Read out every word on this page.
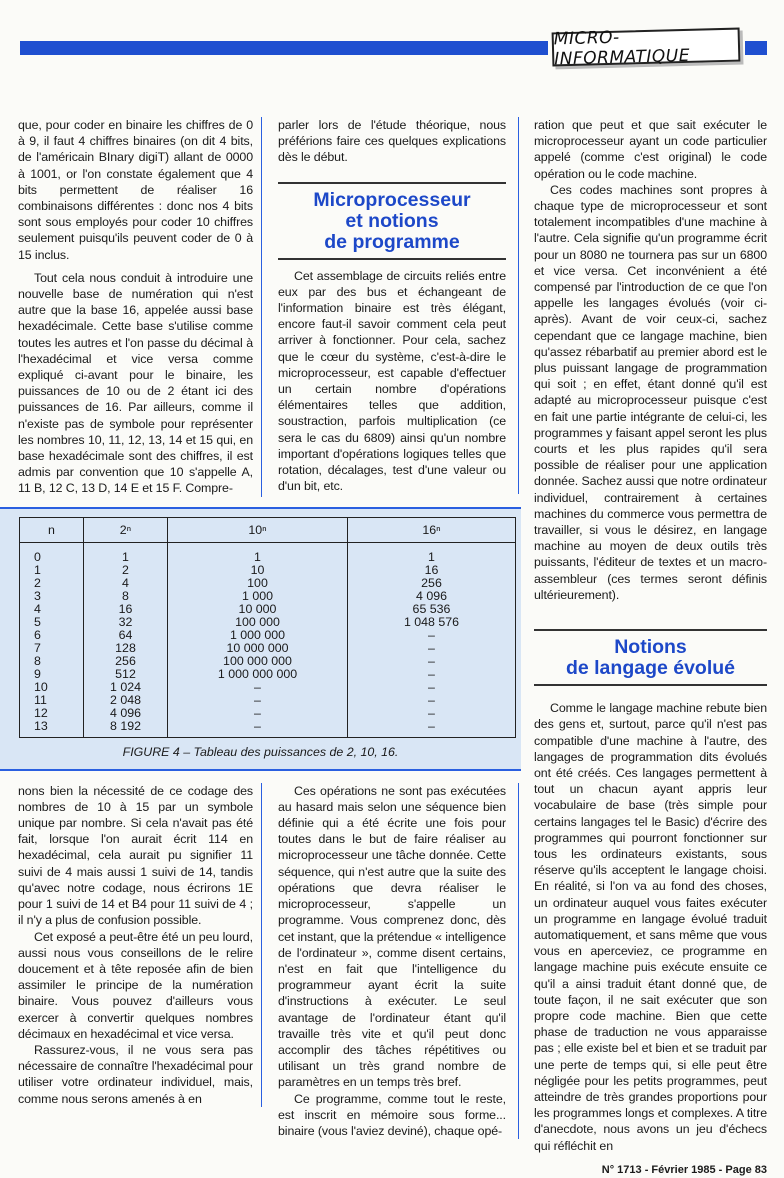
MICRO-INFORMATIQUE

que, pour coder en binaire les chiffres de 0 à 9, il faut 4 chiffres binaires (on dit 4 bits, de l'américain BInary digiT) allant de 0000 à 1001, or l'on constate également que 4 bits permettent de réaliser 16 combinaisons différentes : donc nos 4 bits sont sous employés pour coder 10 chiffres seulement puisqu'ils peuvent coder de 0 à 15 inclus.

Tout cela nous conduit à introduire une nouvelle base de numération qui n'est autre que la base 16, appelée aussi base hexadécimale. Cette base s'utilise comme toutes les autres et l'on passe du décimal à l'hexadécimal et vice versa comme expliqué ci-avant pour le binaire, les puissances de 10 ou de 2 étant ici des puissances de 16. Par ailleurs, comme il n'existe pas de symbole pour représenter les nombres 10, 11, 12, 13, 14 et 15 qui, en base hexadécimale sont des chiffres, il est admis par convention que 10 s'appelle A, 11 B, 12 C, 13 D, 14 E et 15 F. Compre-

parler lors de l'étude théorique, nous préférions faire ces quelques explications dès le début.

Microprocesseur
et notions
de programme

Cet assemblage de circuits reliés entre eux par des bus et échangeant de l'information binaire est très élégant, encore faut-il savoir comment cela peut arriver à fonctionner. Pour cela, sachez que le cœur du système, c'est-à-dire le microprocesseur, est capable d'effectuer un certain nombre d'opérations élémentaires telles que addition, soustraction, parfois multiplication (ce sera le cas du 6809) ainsi qu'un nombre important d'opérations logiques telles que rotation, décalages, test d'une valeur ou d'un bit, etc.

n	2ⁿ	10ⁿ	16ⁿ
0	1	1	1
1	2	10	16
2	4	100	256
3	8	1 000	4 096
4	16	10 000	65 536
5	32	100 000	1 048 576
6	64	1 000 000	–
7	128	10 000 000	–
8	256	100 000 000	–
9	512	1 000 000 000	–
10	1 024	–	–
11	2 048	–	–
12	4 096	–	–
13	8 192	–	–
FIGURE 4 – Tableau des puissances de 2, 10, 16.

nons bien la nécessité de ce codage des nombres de 10 à 15 par un symbole unique par nombre. Si cela n'avait pas été fait, lorsque l'on aurait écrit 114 en hexadécimal, cela aurait pu signifier 11 suivi de 4 mais aussi 1 suivi de 14, tandis qu'avec notre codage, nous écrirons 1E pour 1 suivi de 14 et B4 pour 11 suivi de 4 ; il n'y a plus de confusion possible.

Cet exposé a peut-être été un peu lourd, aussi nous vous conseillons de le relire doucement et à tête reposée afin de bien assimiler le principe de la numération binaire. Vous pouvez d'ailleurs vous exercer à convertir quelques nombres décimaux en hexadécimal et vice versa.

Rassurez-vous, il ne vous sera pas nécessaire de connaître l'hexadécimal pour utiliser votre ordinateur individuel, mais, comme nous serons amenés à en

Ces opérations ne sont pas exécutées au hasard mais selon une séquence bien définie qui a été écrite une fois pour toutes dans le but de faire réaliser au microprocesseur une tâche donnée. Cette séquence, qui n'est autre que la suite des opérations que devra réaliser le microprocesseur, s'appelle un programme. Vous comprenez donc, dès cet instant, que la prétendue « intelligence de l'ordinateur », comme disent certains, n'est en fait que l'intelligence du programmeur ayant écrit la suite d'instructions à exécuter. Le seul avantage de l'ordinateur étant qu'il travaille très vite et qu'il peut donc accomplir des tâches répétitives ou utilisant un très grand nombre de paramètres en un temps très bref.

Ce programme, comme tout le reste, est inscrit en mémoire sous forme... binaire (vous l'aviez deviné), chaque opé-

ration que peut et que sait exécuter le microprocesseur ayant un code particulier appelé (comme c'est original) le code opération ou le code machine.

Ces codes machines sont propres à chaque type de microprocesseur et sont totalement incompatibles d'une machine à l'autre. Cela signifie qu'un programme écrit pour un 8080 ne tournera pas sur un 6800 et vice versa. Cet inconvénient a été compensé par l'introduction de ce que l'on appelle les langages évolués (voir ci-après). Avant de voir ceux-ci, sachez cependant que ce langage machine, bien qu'assez rébarbatif au premier abord est le plus puissant langage de programmation qui soit ; en effet, étant donné qu'il est adapté au microprocesseur puisque c'est en fait une partie intégrante de celui-ci, les programmes y faisant appel seront les plus courts et les plus rapides qu'il sera possible de réaliser pour une application donnée. Sachez aussi que notre ordinateur individuel, contrairement à certaines machines du commerce vous permettra de travailler, si vous le désirez, en langage machine au moyen de deux outils très puissants, l'éditeur de textes et un macro-assembleur (ces termes seront définis ultérieurement).

Notions
de langage évolué

Comme le langage machine rebute bien des gens et, surtout, parce qu'il n'est pas compatible d'une machine à l'autre, des langages de programmation dits évolués ont été créés. Ces langages permettent à tout un chacun ayant appris leur vocabulaire de base (très simple pour certains langages tel le Basic) d'écrire des programmes qui pourront fonctionner sur tous les ordinateurs existants, sous réserve qu'ils acceptent le langage choisi. En réalité, si l'on va au fond des choses, un ordinateur auquel vous faites exécuter un programme en langage évolué traduit automatiquement, et sans même que vous vous en aperceviez, ce programme en langage machine puis exécute ensuite ce qu'il a ainsi traduit étant donné que, de toute façon, il ne sait exécuter que son propre code machine. Bien que cette phase de traduction ne vous apparaisse pas ; elle existe bel et bien et se traduit par une perte de temps qui, si elle peut être négligée pour les petits programmes, peut atteindre de très grandes proportions pour les programmes longs et complexes. A titre d'anecdote, nous avons un jeu d'échecs qui réfléchit en

N° 1713 - Février 1985 - Page 83
